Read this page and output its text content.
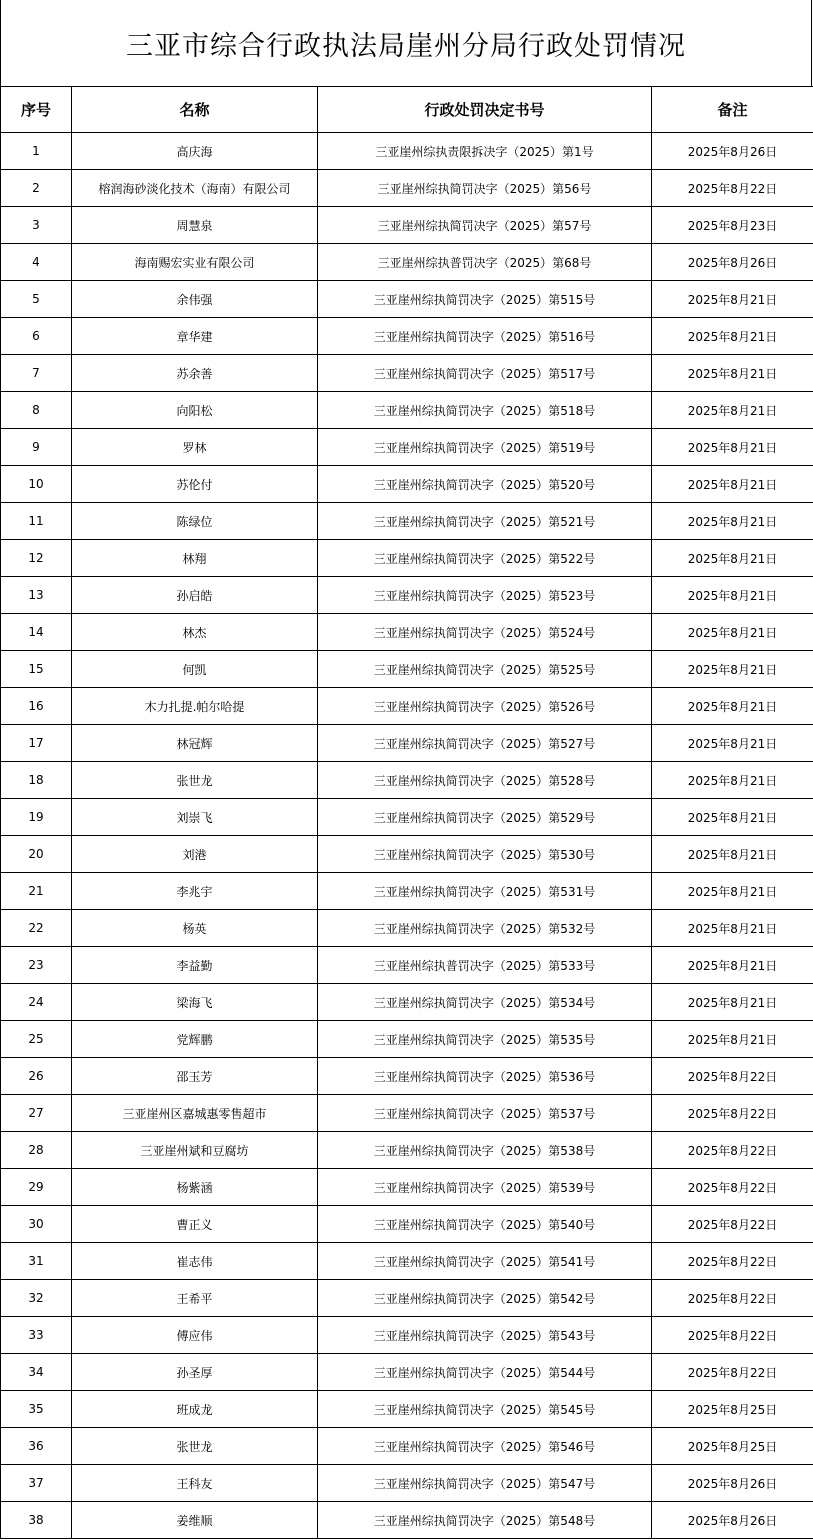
三亚市综合行政执法局崖州分局行政处罚情况
序号	名称	行政处罚决定书号	备注
1	高庆海	三亚崖州综执责限拆决字（2025）第1号	2025年8月26日
2	榕润海砂淡化技术（海南）有限公司	三亚崖州综执简罚决字（2025）第56号	2025年8月22日
3	周慧泉	三亚崖州综执简罚决字（2025）第57号	2025年8月23日
4	海南赐宏实业有限公司	三亚崖州综执普罚决字（2025）第68号	2025年8月26日
5	余伟强	三亚崖州综执简罚决字（2025）第515号	2025年8月21日
6	章华建	三亚崖州综执简罚决字（2025）第516号	2025年8月21日
7	苏余善	三亚崖州综执简罚决字（2025）第517号	2025年8月21日
8	向阳松	三亚崖州综执简罚决字（2025）第518号	2025年8月21日
9	罗林	三亚崖州综执简罚决字（2025）第519号	2025年8月21日
10	苏伦付	三亚崖州综执简罚决字（2025）第520号	2025年8月21日
11	陈绿位	三亚崖州综执简罚决字（2025）第521号	2025年8月21日
12	林翔	三亚崖州综执简罚决字（2025）第522号	2025年8月21日
13	孙启皓	三亚崖州综执简罚决字（2025）第523号	2025年8月21日
14	林杰	三亚崖州综执简罚决字（2025）第524号	2025年8月21日
15	何凯	三亚崖州综执简罚决字（2025）第525号	2025年8月21日
16	木力扎提.帕尔哈提	三亚崖州综执简罚决字（2025）第526号	2025年8月21日
17	林冠辉	三亚崖州综执简罚决字（2025）第527号	2025年8月21日
18	张世龙	三亚崖州综执简罚决字（2025）第528号	2025年8月21日
19	刘崇飞	三亚崖州综执简罚决字（2025）第529号	2025年8月21日
20	刘港	三亚崖州综执简罚决字（2025）第530号	2025年8月21日
21	李兆宇	三亚崖州综执简罚决字（2025）第531号	2025年8月21日
22	杨英	三亚崖州综执简罚决字（2025）第532号	2025年8月21日
23	李益勤	三亚崖州综执普罚决字（2025）第533号	2025年8月21日
24	梁海飞	三亚崖州综执简罚决字（2025）第534号	2025年8月21日
25	党辉鹏	三亚崖州综执简罚决字（2025）第535号	2025年8月21日
26	邵玉芳	三亚崖州综执简罚决字（2025）第536号	2025年8月22日
27	三亚崖州区嘉城惠零售超市	三亚崖州综执简罚决字（2025）第537号	2025年8月22日
28	三亚崖州斌和豆腐坊	三亚崖州综执简罚决字（2025）第538号	2025年8月22日
29	杨紫涵	三亚崖州综执简罚决字（2025）第539号	2025年8月22日
30	曹正义	三亚崖州综执简罚决字（2025）第540号	2025年8月22日
31	崔志伟	三亚崖州综执简罚决字（2025）第541号	2025年8月22日
32	王希平	三亚崖州综执简罚决字（2025）第542号	2025年8月22日
33	傅应伟	三亚崖州综执简罚决字（2025）第543号	2025年8月22日
34	孙圣厚	三亚崖州综执简罚决字（2025）第544号	2025年8月22日
35	班成龙	三亚崖州综执简罚决字（2025）第545号	2025年8月25日
36	张世龙	三亚崖州综执简罚决字（2025）第546号	2025年8月25日
37	王科友	三亚崖州综执简罚决字（2025）第547号	2025年8月26日
38	姜维顺	三亚崖州综执简罚决字（2025）第548号	2025年8月26日
